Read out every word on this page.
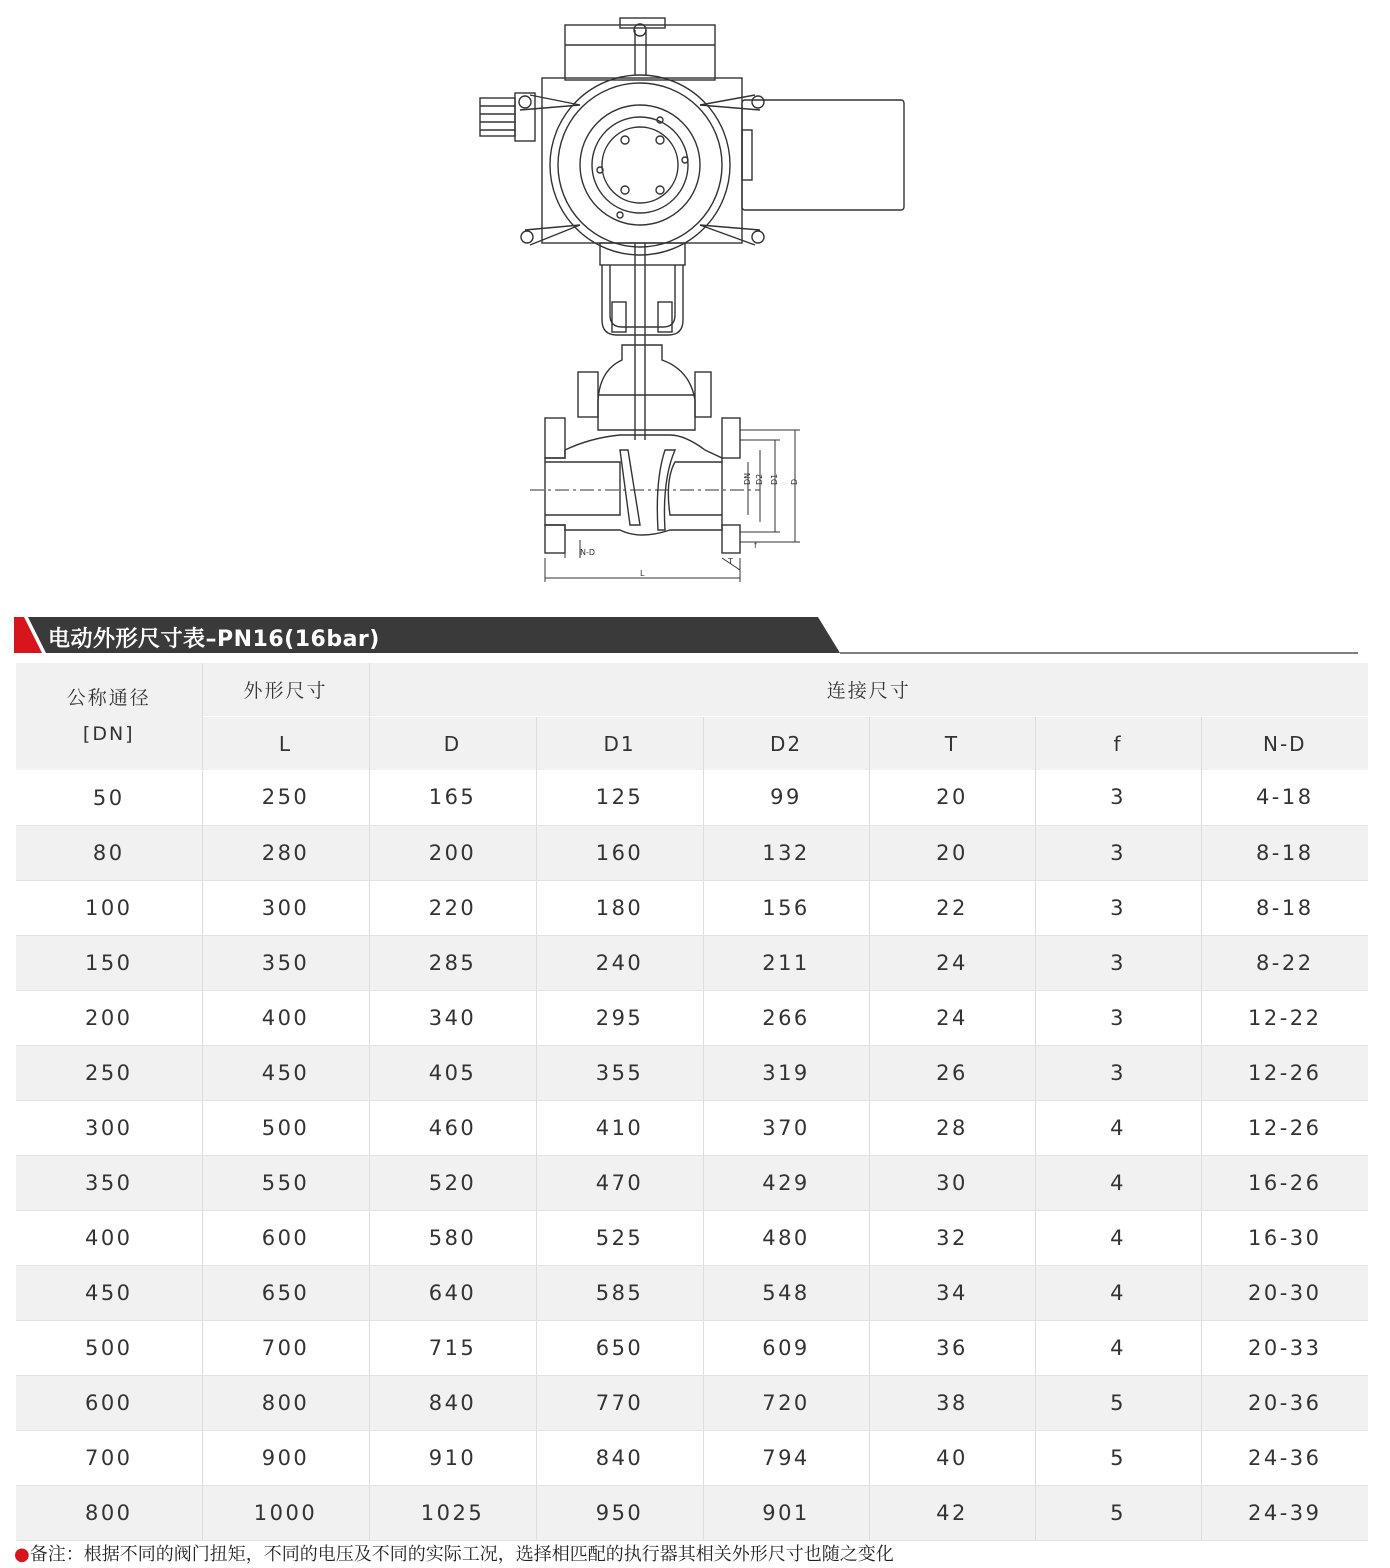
DN D2 D1 D
f
T
L
N-D
电动外形尺寸表–PN16(16bar)
公称通径
[DN]	外形尺寸	连接尺寸					
	L	D	D1	D2	T	f	N-D
50	250	165	125	99	20	3	4-18
80	280	200	160	132	20	3	8-18
100	300	220	180	156	22	3	8-18
150	350	285	240	211	24	3	8-22
200	400	340	295	266	24	3	12-22
250	450	405	355	319	26	3	12-26
300	500	460	410	370	28	4	12-26
350	550	520	470	429	30	4	16-26
400	600	580	525	480	32	4	16-30
450	650	640	585	548	34	4	20-30
500	700	715	650	609	36	4	20-33
600	800	840	770	720	38	5	20-36
700	900	910	840	794	40	5	24-36
800	1000	1025	950	901	42	5	24-39
●备注：根据不同的阀门扭矩，不同的电压及不同的实际工况，选择相匹配的执行器其相关外形尺寸也随之变化
